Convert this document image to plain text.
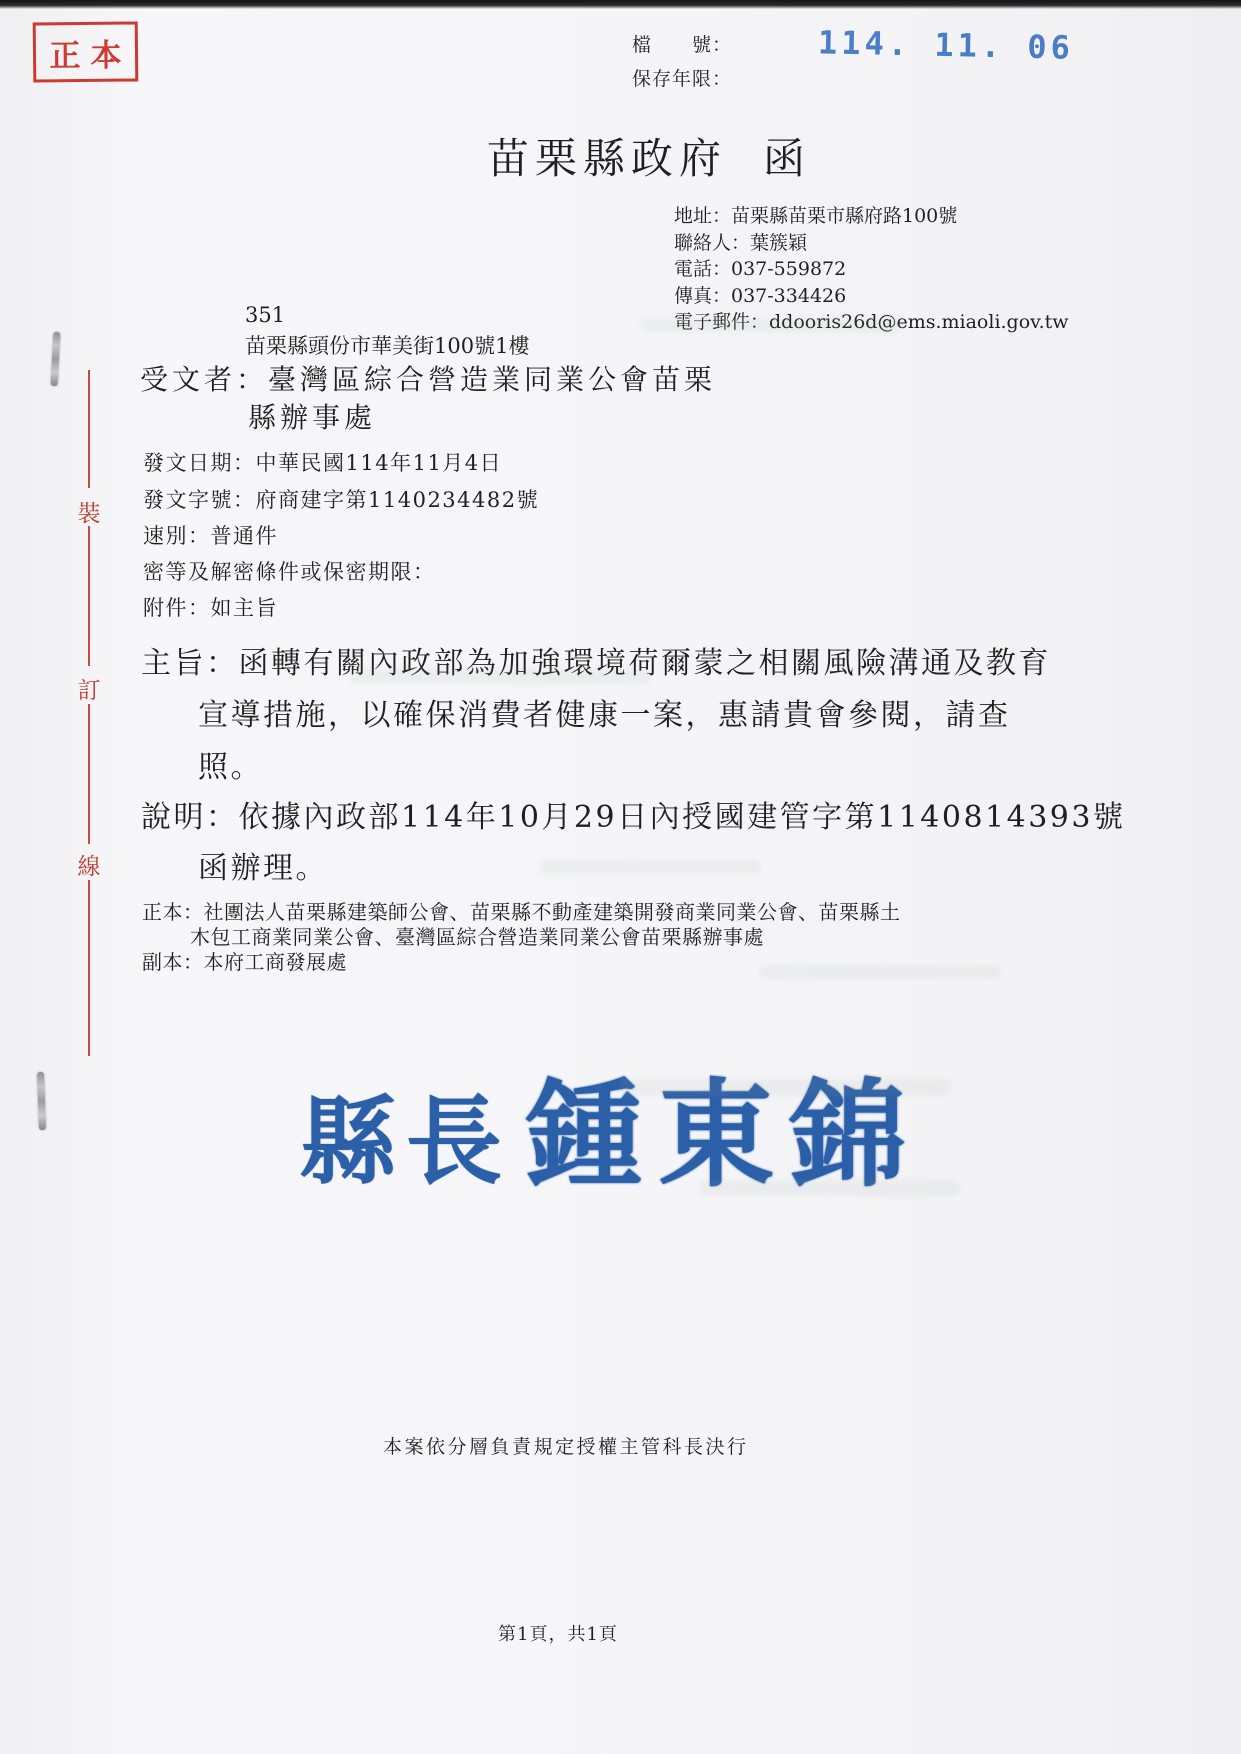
正本	檔　　號：
保存年限：
114. 11. 06
苗栗縣政府 函
地址：苗栗縣苗栗市縣府路100號
聯絡人：葉簇穎
電話：037-559872
傳真：037-334426
電子郵件：ddooris26d@ems.miaoli.gov.tw
351
苗栗縣頭份市華美街100號1樓
受文者：臺灣區綜合營造業同業公會苗栗
縣辦事處
發文日期：中華民國114年11月4日
發文字號：府商建字第1140234482號
速別：普通件
密等及解密條件或保密期限：
附件：如主旨
主旨：函轉有關內政部為加強環境荷爾蒙之相關風險溝通及教育
宣導措施，以確保消費者健康一案，惠請貴會參閱，請查
照。
說明：依據內政部114年10月29日內授國建管字第1140814393號
函辦理。
正本：社團法人苗栗縣建築師公會、苗栗縣不動產建築開發商業同業公會、苗栗縣土
木包工商業同業公會、臺灣區綜合營造業同業公會苗栗縣辦事處
副本：本府工商發展處
縣長 鍾東錦
本案依分層負責規定授權主管科長決行
第1頁，共1頁
裝
訂
線
